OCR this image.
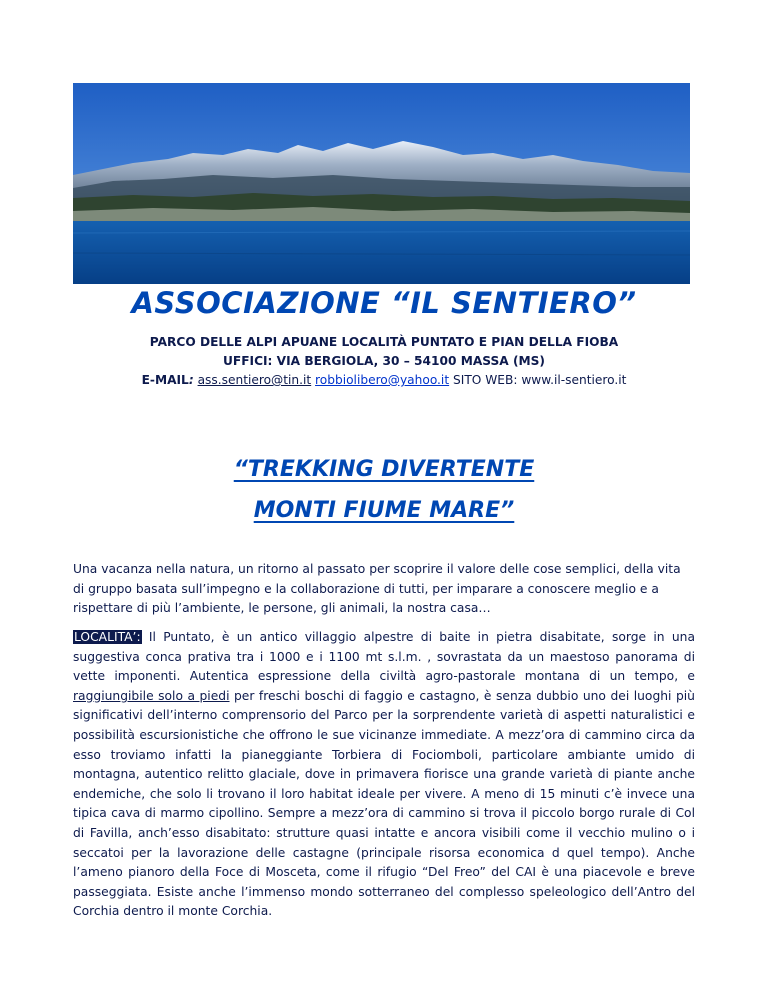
ASSOCIAZIONE “IL SENTIERO”
PARCO DELLE ALPI APUANE LOCALITÀ PUNTATO E PIAN DELLA FIOBA
UFFICI: VIA BERGIOLA, 30 – 54100 MASSA (MS)
E-MAIL: ass.sentiero@tin.it robbiolibero@yahoo.it SITO WEB: www.il-sentiero.it
“TREKKING DIVERTENTE
MONTI FIUME MARE”

Una vacanza nella natura, un ritorno al passato per scoprire il valore delle cose semplici, della vita di gruppo basata sull’impegno e la collaborazione di tutti, per imparare a conoscere meglio e a rispettare di più l’ambiente, le persone, gli animali, la nostra casa…

LOCALITA’: Il Puntato, è un antico villaggio alpestre di baite in pietra disabitate, sorge in una suggestiva conca prativa tra i 1000 e i 1100 mt s.l.m. , sovrastata da un maestoso panorama di vette imponenti. Autentica espressione della civiltà agro-pastorale montana di un tempo, e raggiungibile solo a piedi per freschi boschi di faggio e castagno, è senza dubbio uno dei luoghi più significativi dell’interno comprensorio del Parco per la sorprendente varietà di aspetti naturalistici e possibilità escursionistiche che offrono le sue vicinanze immediate. A mezz’ora di cammino circa da esso troviamo infatti la pianeggiante Torbiera di Fociomboli, particolare ambiante umido di montagna, autentico relitto glaciale, dove in primavera fiorisce una grande varietà di piante anche endemiche, che solo li trovano il loro habitat ideale per vivere. A meno di 15 minuti c’è invece una tipica cava di marmo cipollino. Sempre a mezz’ora di cammino si trova il piccolo borgo rurale di Col di Favilla, anch’esso disabitato: strutture quasi intatte e ancora visibili come il vecchio mulino o i seccatoi per la lavorazione delle castagne (principale risorsa economica d quel tempo). Anche l’ameno pianoro della Foce di Mosceta, come il rifugio “Del Freo” del CAI è una piacevole e breve passeggiata. Esiste anche l’immenso mondo sotterraneo del complesso speleologico dell’Antro del Corchia dentro il monte Corchia.
